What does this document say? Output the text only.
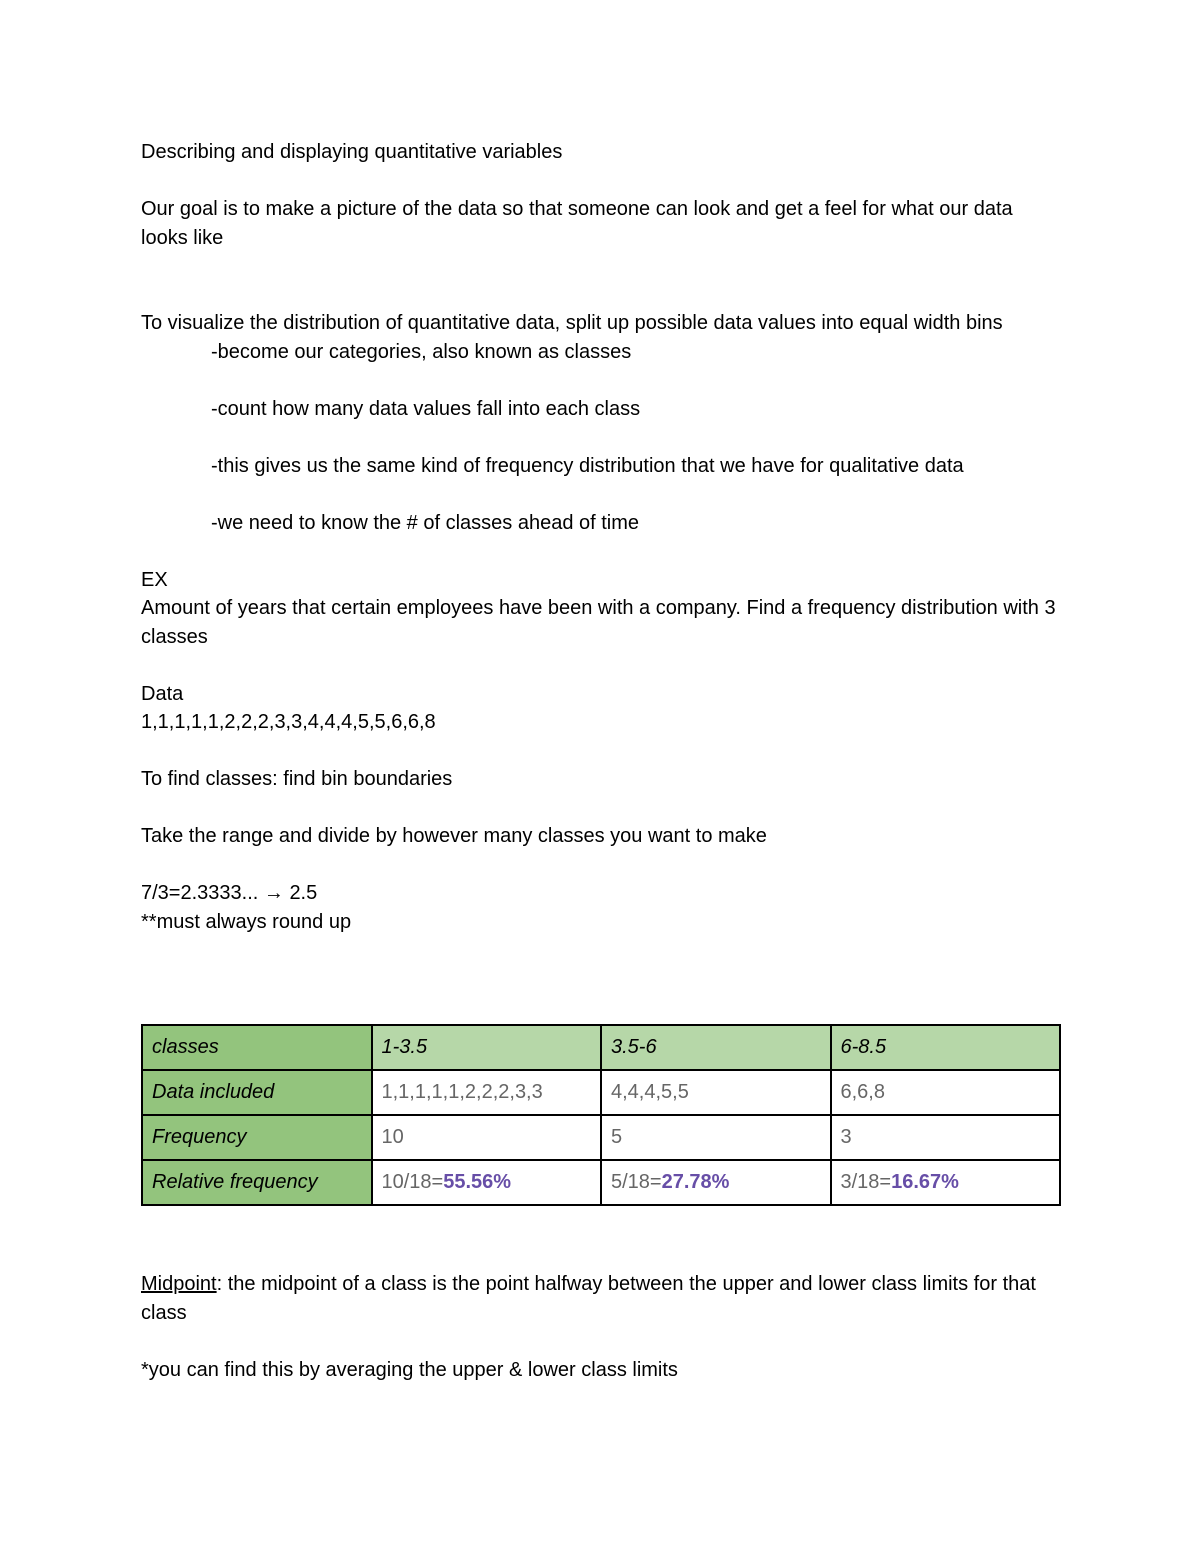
Describing and displaying quantitative variables

Our goal is to make a picture of the data so that someone can look and get a feel for what our data looks like

To visualize the distribution of quantitative data, split up possible data values into equal width bins

-become our categories, also known as classes

-count how many data values fall into each class

-this gives us the same kind of frequency distribution that we have for qualitative data

-we need to know the # of classes ahead of time

EX

Amount of years that certain employees have been with a company. Find a frequency distribution with 3 classes

Data

1,1,1,1,1,2,2,2,3,3,4,4,4,5,5,6,6,8

To find classes: find bin boundaries

Take the range and divide by however many classes you want to make

7/3=2.3333... → 2.5

**must always round up

classes	1-3.5	3.5-6	6-8.5
Data included	1,1,1,1,1,2,2,2,3,3	4,4,4,5,5	6,6,8
Frequency	10	5	3
Relative frequency	10/18=55.56%	5/18=27.78%	3/18=16.67%

Midpoint: the midpoint of a class is the point halfway between the upper and lower class limits for that class

*you can find this by averaging the upper & lower class limits
